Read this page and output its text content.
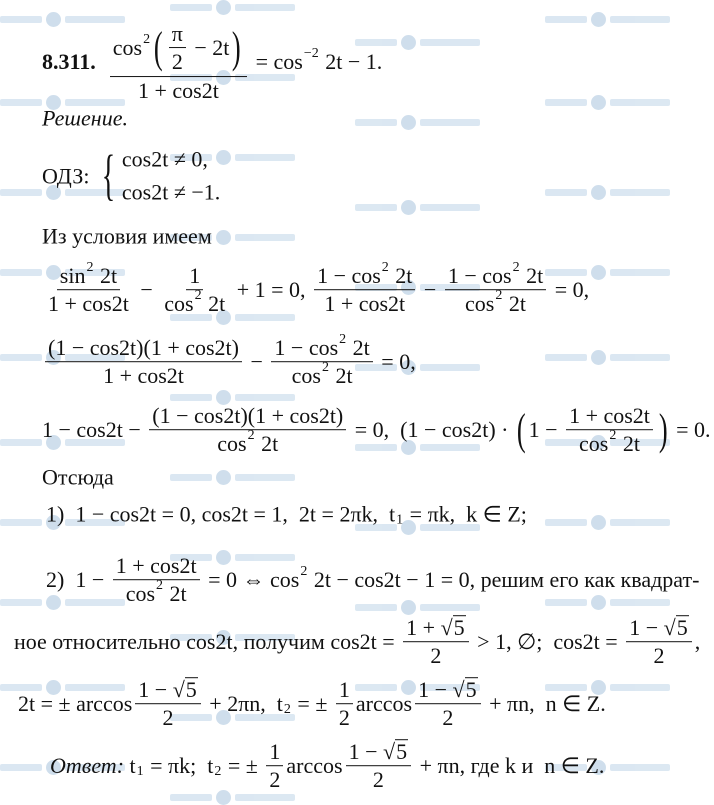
8.311.
$\frac{\cos 2 ( \frac{\pi}{2} - 2t )}{1 + \cos 2t} = \cos -2$ 2t − 1.
Решение.
ОДЗ: { cos2t ≠ 0,
cos2t ≠ −1.
Из условия имеем
$\frac{\sin 2 2t}{1 + \cos 2t} - \frac{1}{\cos 2 2t} + 1 = 0$, $\frac{1 - \cos 2 2t}{1 + \cos 2t} - \frac{1 - \cos 2 2t}{\cos 2 2t} = 0$,
$\frac{(1 - \cos 2t)(1 + \cos 2t)}{1 + \cos 2t} - \frac{1 - \cos 2 2t}{\cos 2 2t} = 0$,
$1 - \cos 2t - \frac{(1 - \cos 2t)(1 + \cos 2t)}{\cos 2 2t} = 0$,  (1 − cos2t) · ( $1 - \frac{1 + \cos 2t}{\cos 2 2t}$ ) = 0.
Отсюда
1)  1 − cos2t = 0, cos2t = 1,  2t = 2πk,  t 1 = πk,  k ∈ Z;
2)  $1 - \frac{1 + \cos 2t}{\cos 2 2t} = 0$ ⇔ cos 2 2t − cos2t − 1 = 0, решим его как квадрат-
ное относительно cos2t, получим $\cos 2t = \frac{1 + √ 5}{2} > 1$, ∅;  $\cos 2t = \frac{1 - √ 5}{2}$ ,
2t = ± $\arccos \frac{1 - √ 5}{2} + 2\pi n$,  t 2 = ± $\frac{1}{2}$ $\arccos \frac{1 - √ 5}{2} + \pi n$,  n ∈ Z.
Ответ: t 1 = πk;  t 2 = ± $\frac{1}{2}$ $\arccos \frac{1 - √ 5}{2} + \pi n$, где k и  n ∈ Z.
